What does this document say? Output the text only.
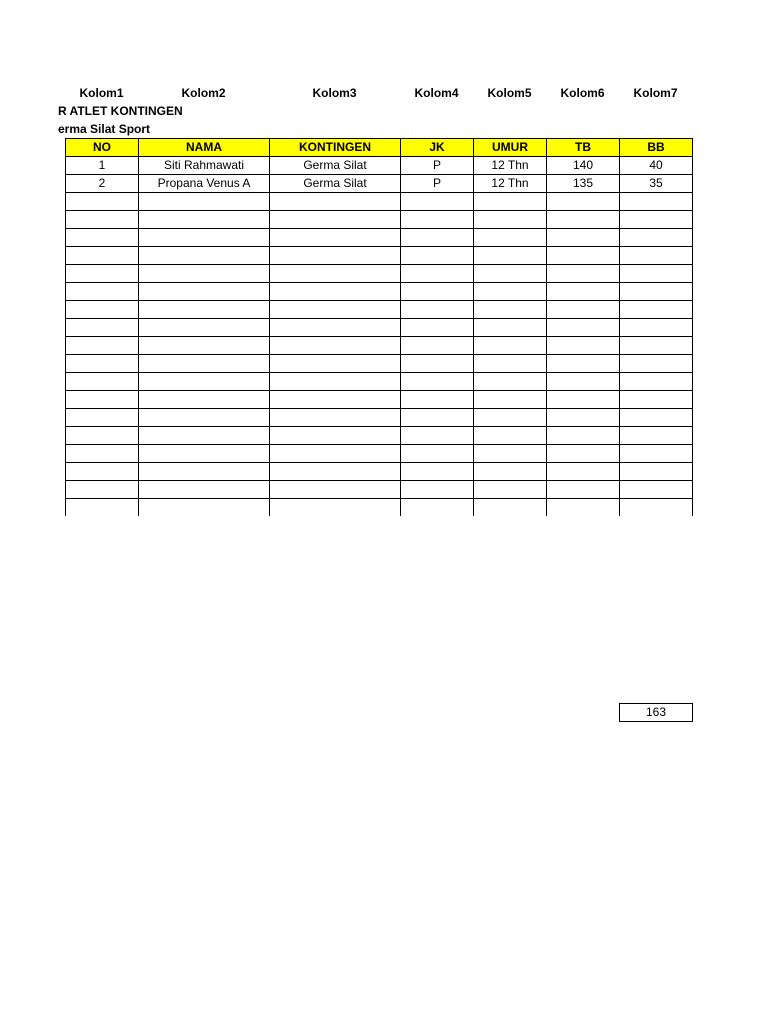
Kolom1	Kolom2	Kolom3	Kolom4	Kolom5	Kolom6	Kolom7
R ATLET KONTINGEN
erma Silat Sport
NO	NAMA	KONTINGEN	JK	UMUR	TB	BB
1	Siti Rahmawati	Germa Silat	P	12 Thn	140	40
2	Propana Venus A	Germa Silat	P	12 Thn	135	35

163
